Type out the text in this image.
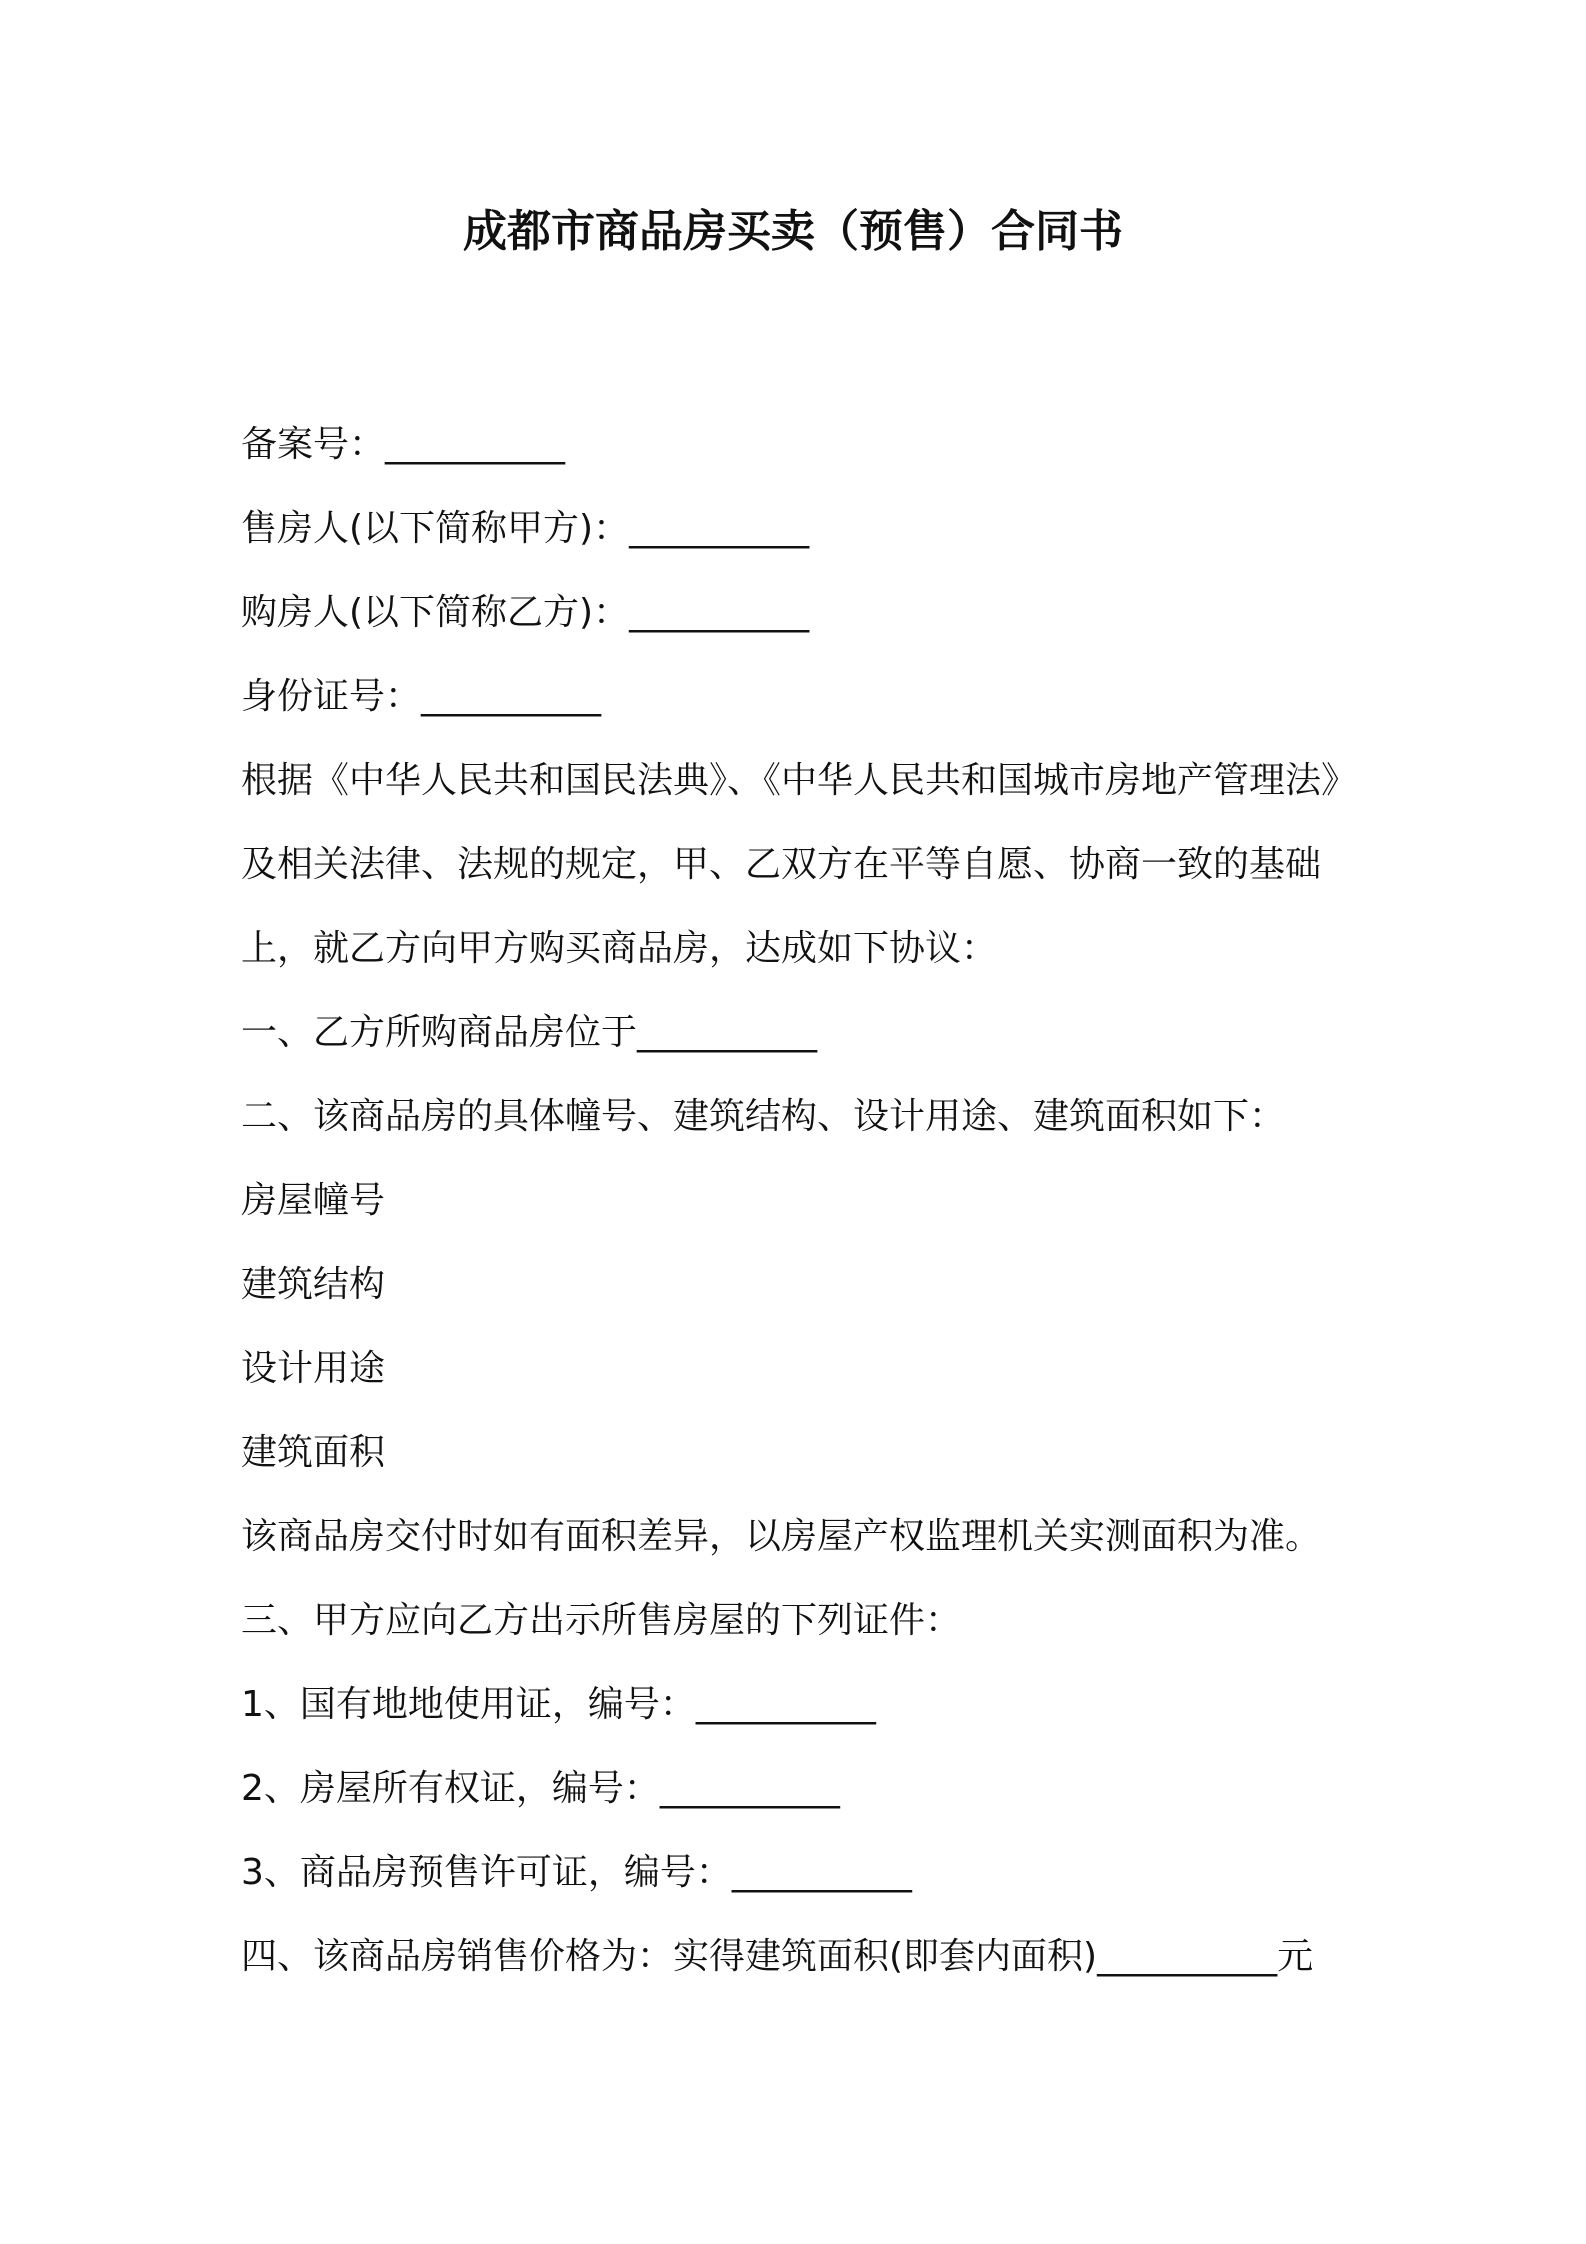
成都市商品房买卖（预售）合同书
备案号：__________
售房人(以下简称甲方)：__________
购房人(以下简称乙方)：__________
身份证号：__________
根据《中华人民共和国民法典》、《中华人民共和国城市房地产管理法》
及相关法律、法规的规定，甲、乙双方在平等自愿、协商一致的基础
上，就乙方向甲方购买商品房，达成如下协议：
一、乙方所购商品房位于__________
二、该商品房的具体幢号、建筑结构、设计用途、建筑面积如下：
房屋幢号
建筑结构
设计用途
建筑面积
该商品房交付时如有面积差异，以房屋产权监理机关实测面积为准。
三、甲方应向乙方出示所售房屋的下列证件：
1、国有地地使用证，编号：__________
2、房屋所有权证，编号：__________
3、商品房预售许可证，编号：__________
四、该商品房销售价格为：实得建筑面积(即套内面积)__________元
